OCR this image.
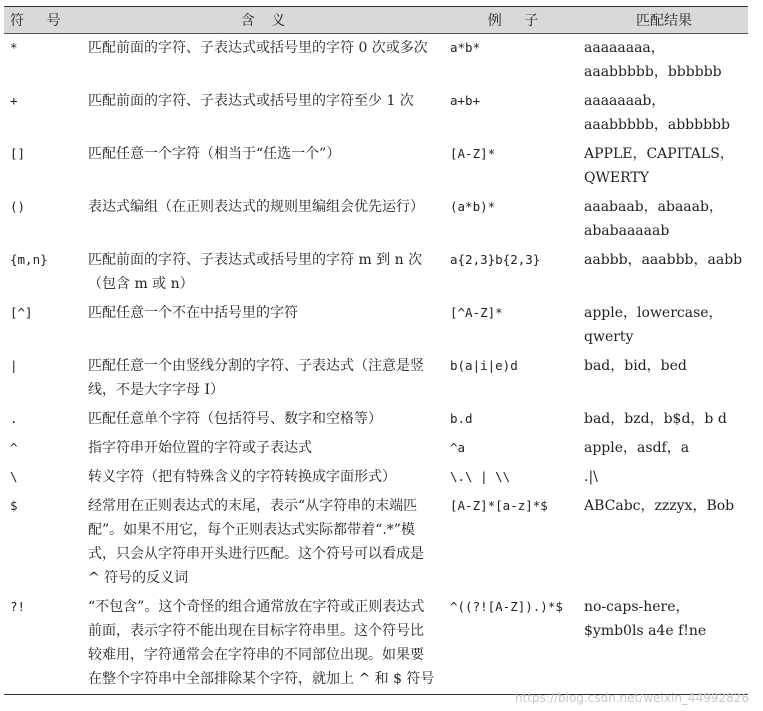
符 号	含 义	例 子	匹配结果
*	匹配前面的字符、子表达式或括号里的字符 0 次或多次	a*b*	aaaaaaaa，aaabbbbb，bbbbbb
+	匹配前面的字符、子表达式或括号里的字符至少 1 次	a+b+	aaaaaaab，aaabbbbb，abbbbbb
[]	匹配任意一个字符（相当于“任选一个”）	[A-Z]*	APPLE，CAPITALS，QWERTY
()	表达式编组（在正则表达式的规则里编组会优先运行）	(a*b)*	aaabaab，abaaab，ababaaaaab
{m,n}	匹配前面的字符、子表达式或括号里的字符 m 到 n 次（包含 m 或 n）	a{2,3}b{2,3}	aabbb，aaabbb，aabb
[^]	匹配任意一个不在中括号里的字符	[^A-Z]*	apple，lowercase，qwerty
|	匹配任意一个由竖线分割的字符、子表达式（注意是竖线，不是大字字母 I）	b(a|i|e)d	bad，bid，bed
.	匹配任意单个字符（包括符号、数字和空格等）	b.d	bad，bzd，b$d，b d
^	指字符串开始位置的字符或子表达式	^a	apple，asdf，a
\	转义字符（把有特殊含义的字符转换成字面形式）	\.\ | \\	.|\
$	经常用在正则表达式的末尾，表示“从字符串的末端匹配”。如果不用它，每个正则表达式实际都带着“.*”模式，只会从字符串开头进行匹配。这个符号可以看成是 ^ 符号的反义词	[A-Z]*[a-z]*$	ABCabc，zzzyx，Bob
?!	“不包含”。这个奇怪的组合通常放在字符或正则表达式前面，表示字符不能出现在目标字符串里。这个符号比较难用，字符通常会在字符串的不同部位出现。如果要在整个字符串中全部排除某个字符，就加上 ^ 和 $ 符号	^((?![A-Z]).)*$	no-caps-here，$ymb0ls a4e f!ne
https://blog.csdn.net/weixin_44992826
